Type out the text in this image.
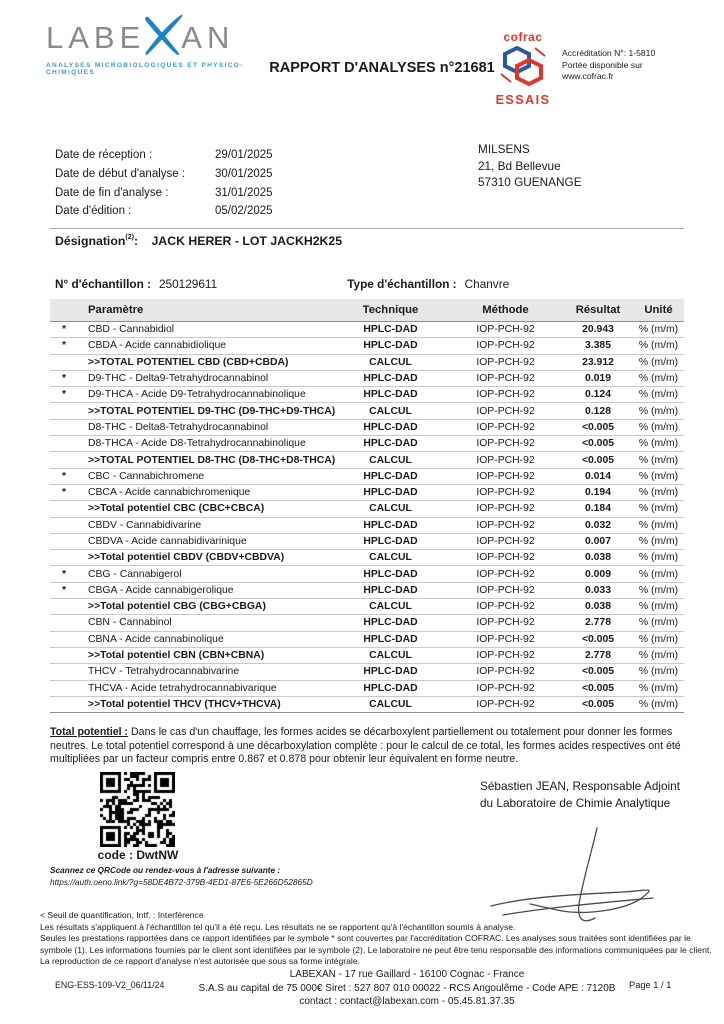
LABE AN
ANALYSES MICROBIOLOGIQUES ET PHYSICO-CHIMIQUES	RAPPORT D'ANALYSES n°21681
cofrac
ESSAIS
Accréditation N°: 1-5810
Portée disponible sur
www.cofrac.fr
Date de réception :	29/01/2025
Date de début d'analyse :	30/01/2025
Date de fin d'analyse :	31/01/2025
Date d'édition :	05/02/2025
MILSENS
21, Bd Bellevue
57310 GUENANGE
Désignation$^{(2)}$: JACK HERER - LOT JACKH2K25
N° d'échantillon : 250129611	Type d'échantillon : Chanvre
Paramètre	Technique	Méthode	Résultat	Unité
*	CBD - Cannabidiol	HPLC-DAD	IOP-PCH-92	20.943	% (m/m)
*	CBDA - Acide cannabidiolique	HPLC-DAD	IOP-PCH-92	3.385	% (m/m)
>>TOTAL POTENTIEL CBD (CBD+CBDA)	CALCUL	IOP-PCH-92	23.912	% (m/m)
*	D9-THC - Delta9-Tetrahydrocannabinol	HPLC-DAD	IOP-PCH-92	0.019	% (m/m)
*	D9-THCA - Acide D9-Tetrahydrocannabinolique	HPLC-DAD	IOP-PCH-92	0.124	% (m/m)
>>TOTAL POTENTIEL D9-THC (D9-THC+D9-THCA)	CALCUL	IOP-PCH-92	0.128	% (m/m)
D8-THC - Delta8-Tetrahydrocannabinol	HPLC-DAD	IOP-PCH-92	<0.005	% (m/m)
D8-THCA - Acide D8-Tetrahydrocannabinolique	HPLC-DAD	IOP-PCH-92	<0.005	% (m/m)
>>TOTAL POTENTIEL D8-THC (D8-THC+D8-THCA)	CALCUL	IOP-PCH-92	<0.005	% (m/m)
*	CBC - Cannabichromene	HPLC-DAD	IOP-PCH-92	0.014	% (m/m)
*	CBCA - Acide cannabichromenique	HPLC-DAD	IOP-PCH-92	0.194	% (m/m)
>>Total potentiel CBC (CBC+CBCA)	CALCUL	IOP-PCH-92	0.184	% (m/m)
CBDV - Cannabidivarine	HPLC-DAD	IOP-PCH-92	0.032	% (m/m)
CBDVA - Acide cannabidivarinique	HPLC-DAD	IOP-PCH-92	0.007	% (m/m)
>>Total potentiel CBDV (CBDV+CBDVA)	CALCUL	IOP-PCH-92	0.038	% (m/m)
*	CBG - Cannabigerol	HPLC-DAD	IOP-PCH-92	0.009	% (m/m)
*	CBGA - Acide cannabigerolique	HPLC-DAD	IOP-PCH-92	0.033	% (m/m)
>>Total potentiel CBG (CBG+CBGA)	CALCUL	IOP-PCH-92	0.038	% (m/m)
CBN - Cannabinol	HPLC-DAD	IOP-PCH-92	2.778	% (m/m)
CBNA - Acide cannabinolique	HPLC-DAD	IOP-PCH-92	<0.005	% (m/m)
>>Total potentiel CBN (CBN+CBNA)	CALCUL	IOP-PCH-92	2.778	% (m/m)
THCV - Tetrahydrocannabivarine	HPLC-DAD	IOP-PCH-92	<0.005	% (m/m)
THCVA - Acide tetrahydrocannabivarique	HPLC-DAD	IOP-PCH-92	<0.005	% (m/m)
>>Total potentiel THCV (THCV+THCVA)	CALCUL	IOP-PCH-92	<0.005	% (m/m)
Total potentiel : Dans le cas d'un chauffage, les formes acides se décarboxylent partiellement ou totalement pour donner les formes neutres. Le total potentiel correspond à une décarboxylation complète : pour le calcul de ce total, les formes acides respectives ont été multipliées par un facteur compris entre 0.867 et 0.878 pour obtenir leur équivalent en forme neutre.
code : DwtNW
Scannez ce QRCode ou rendez-vous à l'adresse suivante :
https://auth.oeno.link/?g=58DE4B72-379B-4ED1-87E6-5E266D52865D
Sébastien JEAN, Responsable Adjoint du Laboratoire de Chimie Analytique
< Seuil de quantification, Intf. : Interférence
Les résultats s'appliquent à l'échantillon tel qu'il a été reçu. Les résultats ne se rapportent qu'à l'échantillon soumis à analyse.
Seules les prestations rapportées dans ce rapport identifiées par le symbole * sont couvertes par l'accréditation COFRAC. Les analyses sous traitées sont identifiées par le symbole (1). Les informations fournies par le client sont identifiées par le symbole (2). Le laboratoire ne peut être tenu responsable des informations communiquées par le client.
La reproduction de ce rapport d'analyse n'est autorisée que sous sa forme intégrale.
ENG-ESS-109-V2_06/11/24
LABEXAN - 17 rue Gaillard - 16100 Cognac - France
S.A.S au capital de 75 000€ Siret : 527 807 010 00022 - RCS Angoulême - Code APE : 7120B
contact : contact@labexan.com - 05.45.81.37.35
Page 1 / 1
